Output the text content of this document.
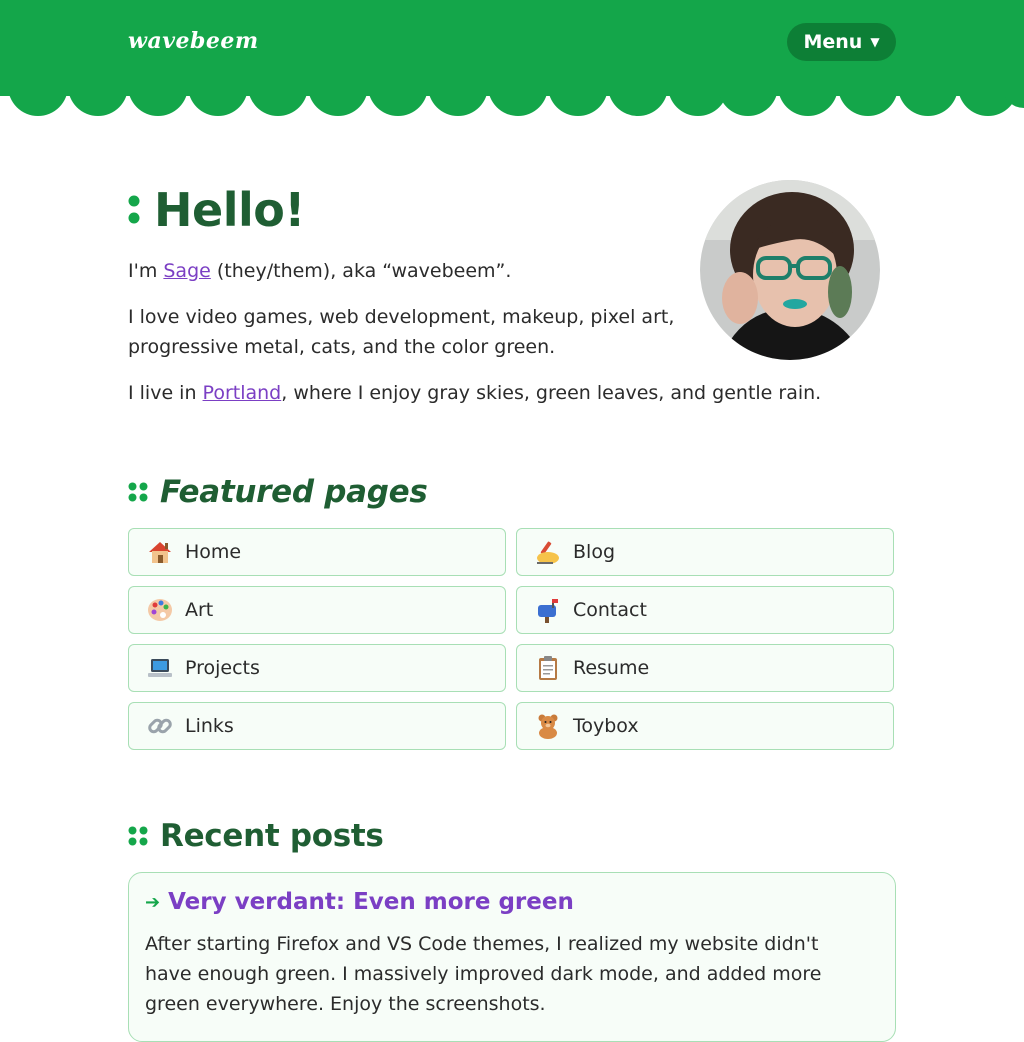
wavebeem	Menu ▼
Hello!

I'm Sage (they/them), aka “wavebeem”.

I love video games, web development, makeup, pixel art,
progressive metal, cats, and the color green.

I live in Portland, where I enjoy gray skies, green leaves, and gentle rain.

Featured pages
Home	Blog
Art	Contact
Projects	Resume
Links	Toybox
Recent posts
➔ Very verdant: Even more green

After starting Firefox and VS Code themes, I realized my website didn't
have enough green. I massively improved dark mode, and added more
green everywhere. Enjoy the screenshots.
